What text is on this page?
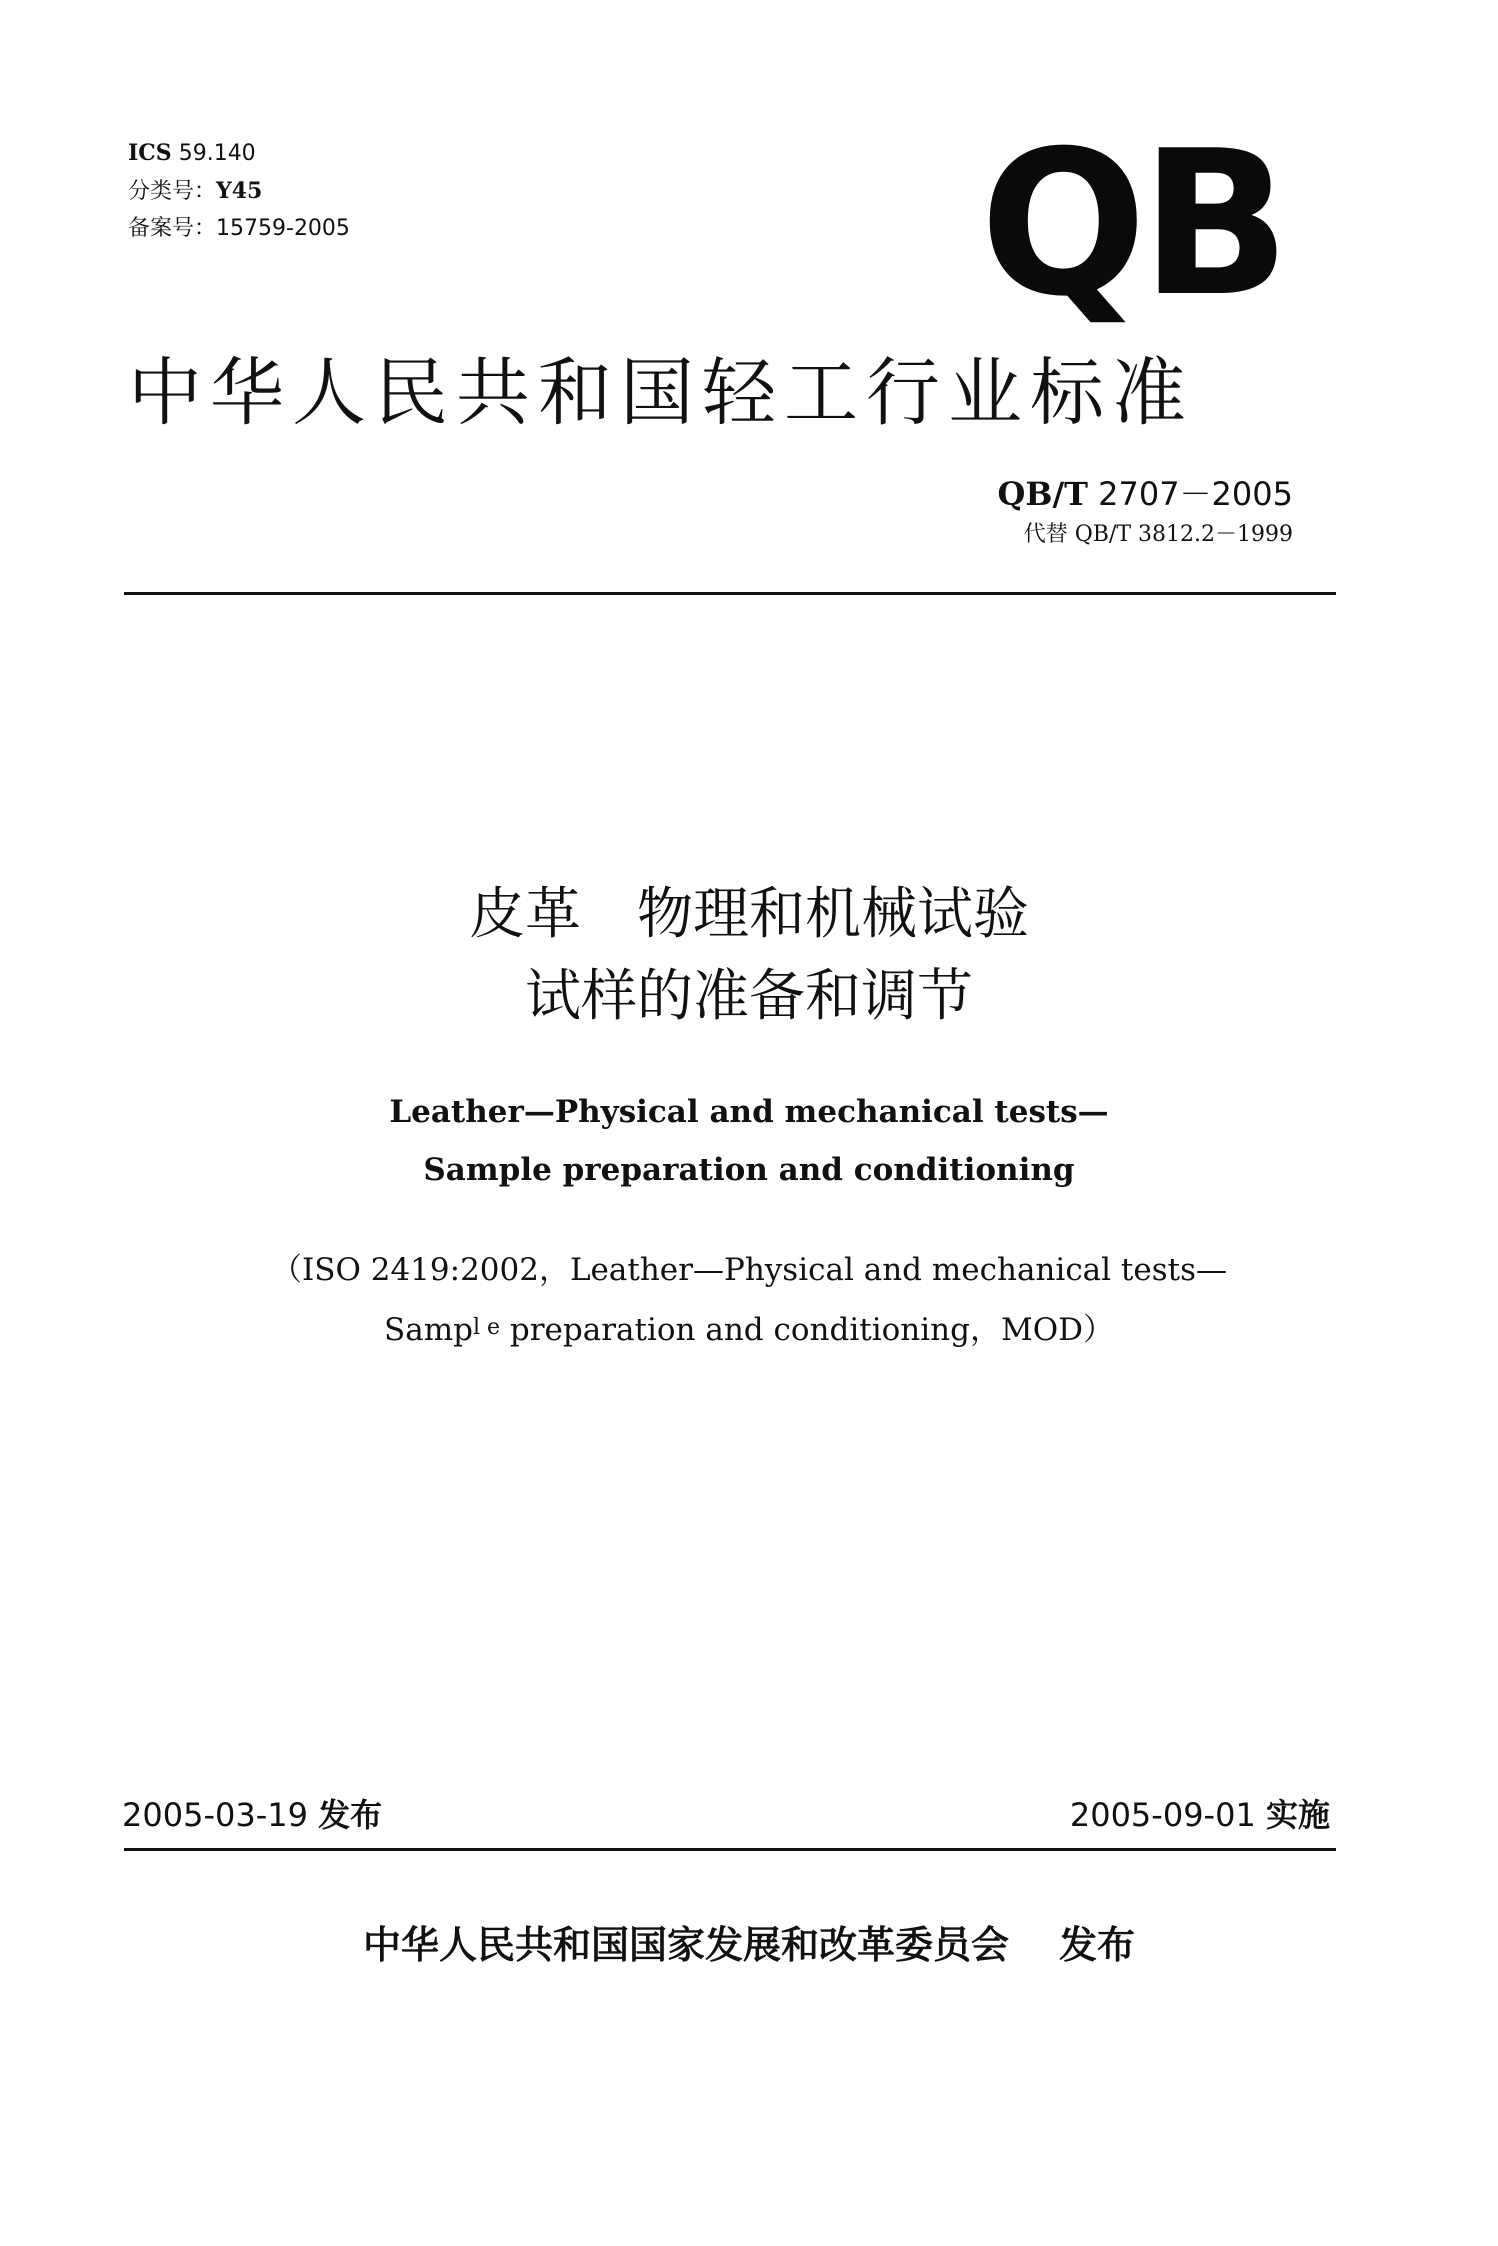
ICS 59.140
分类号：Y45
备案号：15759-2005	QB
中华人民共和国轻工行业标准
QB/T 2707－2005
代替 QB/T 3812.2－1999
皮革　物理和机械试验
试样的准备和调节
Leather—Physical and mechanical tests—
Sample preparation and conditioning
（ISO 2419:2002，Leather—Physical and mechanical tests—
Sampl e preparation and conditioning，MOD）
2005-03-19 发布	2005-09-01 实施
中华人民共和国国家发展和改革委员会 发布
